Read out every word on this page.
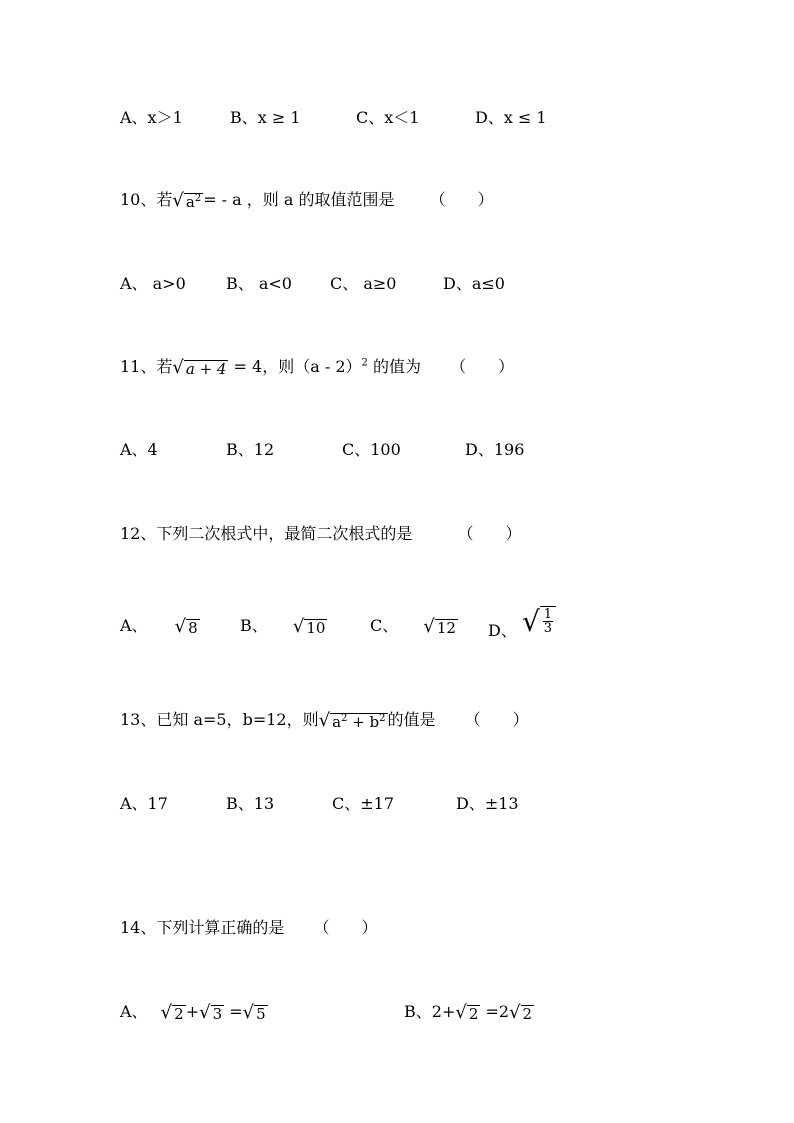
A、x＞1	B、x ≥ 1	C、x＜1	D、x ≤ 1
10、若 √ $a^2$ = - a ，则 a 的取值范围是 （　　）
A、 a>0	B、 a<0 C、 a≥0	D、a≤0
11、若 √ a + 4 = 4，则（a - 2）$^2$ 的值为 （　　）
A、4	B、12	C、100	D、196
12、下列二次根式中，最简二次根式的是	（　　）
A、 √ 8	B、 √ 10	C、 √ 12 D、 √ $\frac{1}{3}$
13、已知 a=5，b=12，则 √ $a^2 + b^2$ 的值是 （　　）
A、17	B、13	C、±17	D、±13
14、下列计算正确的是 （　　）
A、 √ 2 + √ 3 = √ 5	B、2+ √ 2 =2 √ 2
